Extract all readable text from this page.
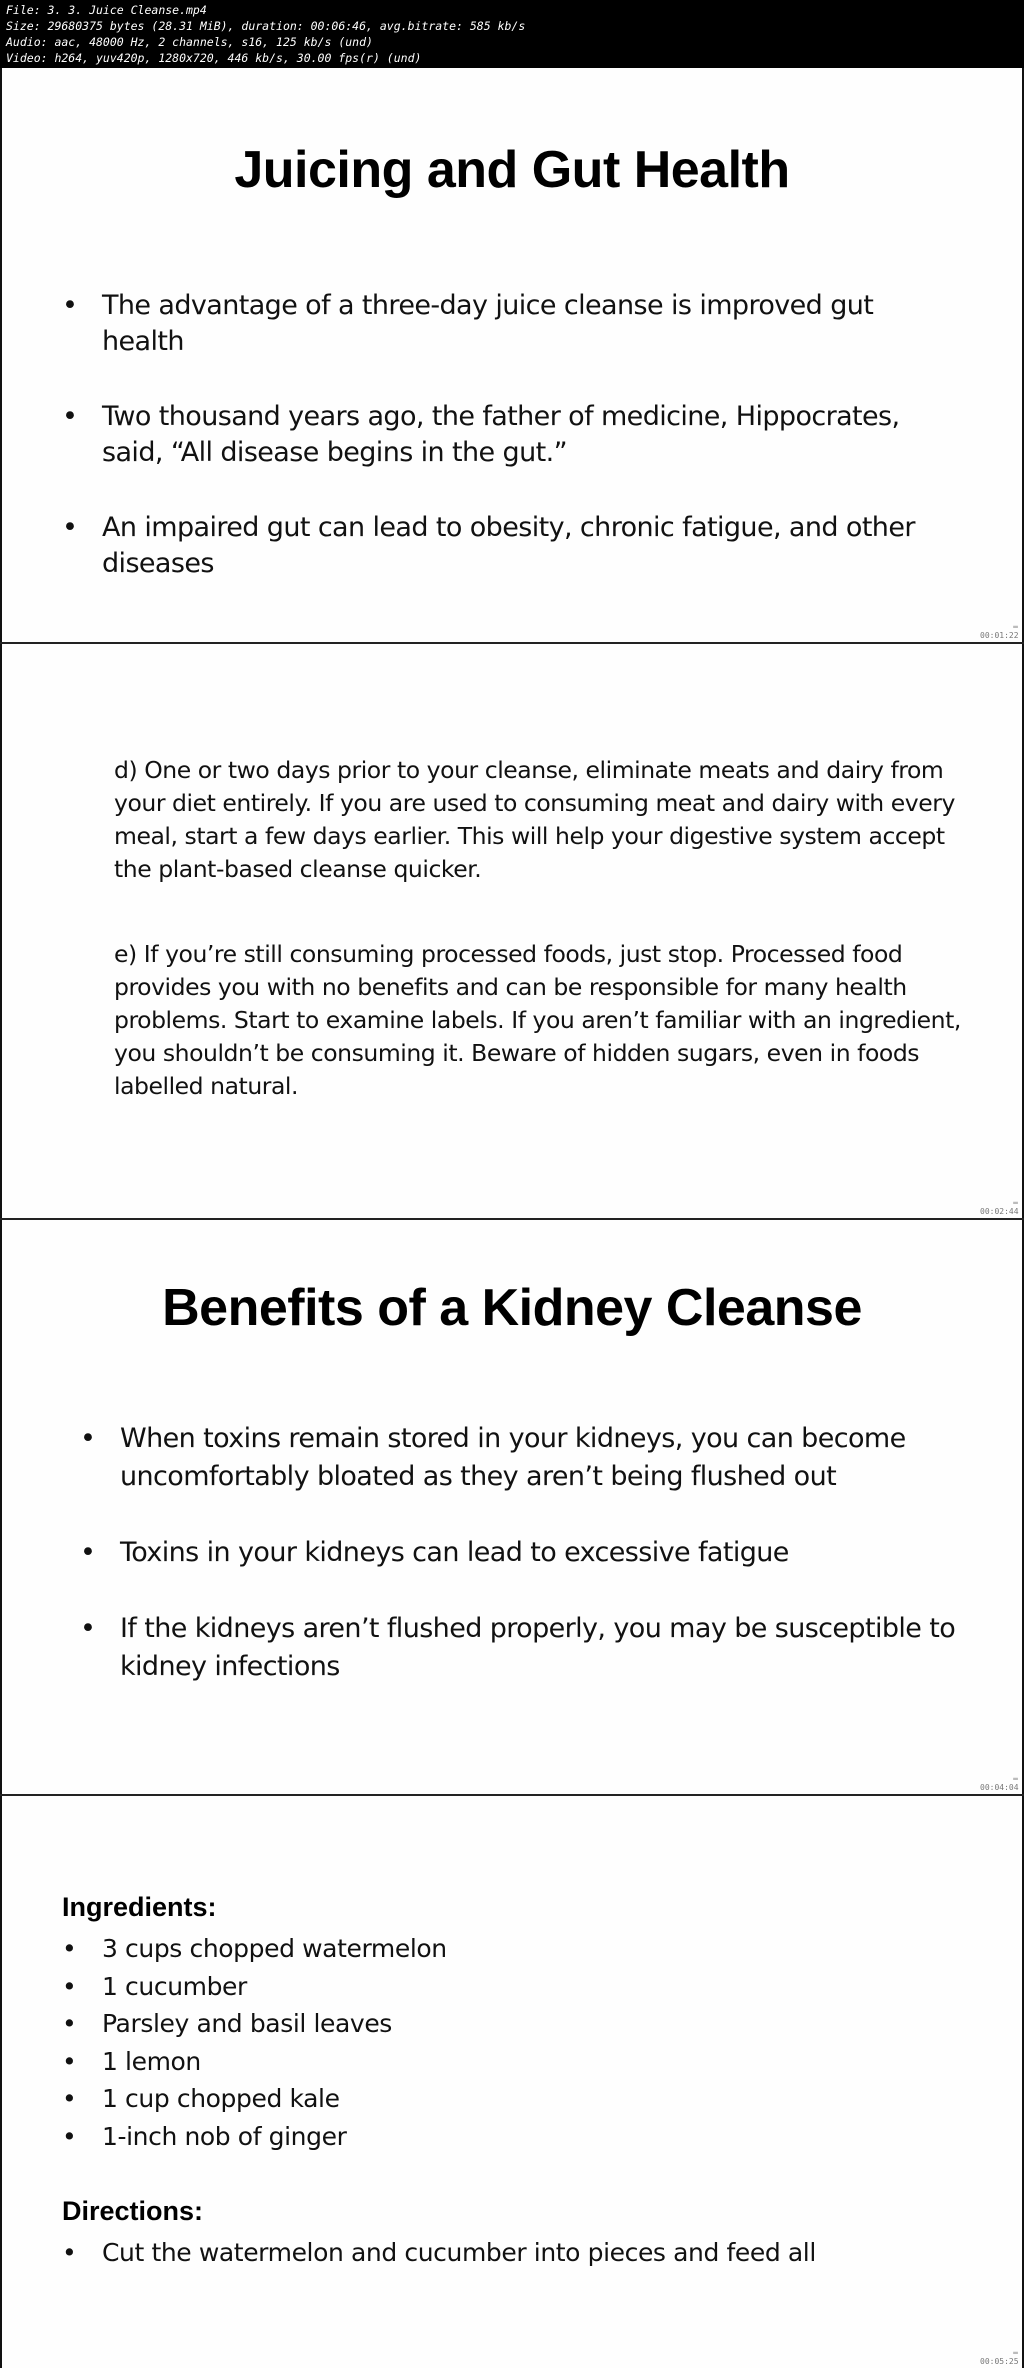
File: 3. 3. Juice Cleanse.mp4
Size: 29680375 bytes (28.31 MiB), duration: 00:06:46, avg.bitrate: 585 kb/s
Audio: aac, 48000 Hz, 2 channels, s16, 125 kb/s (und)
Video: h264, yuv420p, 1280x720, 446 kb/s, 30.00 fps(r) (und)
Juicing and Gut Health
• The advantage of a three-day juice cleanse is improved gut health
• Two thousand years ago, the father of medicine, Hippocrates, said, “All disease begins in the gut.”
• An impaired gut can lead to obesity, chronic fatigue, and other diseases
▬
00:01:22

d) One or two days prior to your cleanse, eliminate meats and dairy from your diet entirely. If you are used to consuming meat and dairy with every meal, start a few days earlier. This will help your digestive system accept the plant-based cleanse quicker.

e) If you’re still consuming processed foods, just stop. Processed food provides you with no benefits and can be responsible for many health problems. Start to examine labels. If you aren’t familiar with an ingredient, you shouldn’t be consuming it. Beware of hidden sugars, even in foods labelled natural.

▬
00:02:44
Benefits of a Kidney Cleanse
• When toxins remain stored in your kidneys, you can become uncomfortably bloated as they aren’t being flushed out
• Toxins in your kidneys can lead to excessive fatigue
• If the kidneys aren’t flushed properly, you may be susceptible to kidney infections
▬
00:04:04
Ingredients:
• 3 cups chopped watermelon
• 1 cucumber
• Parsley and basil leaves
• 1 lemon
• 1 cup chopped kale
• 1-inch nob of ginger
Directions:
• Cut the watermelon and cucumber into pieces and feed all
▬
00:05:25
